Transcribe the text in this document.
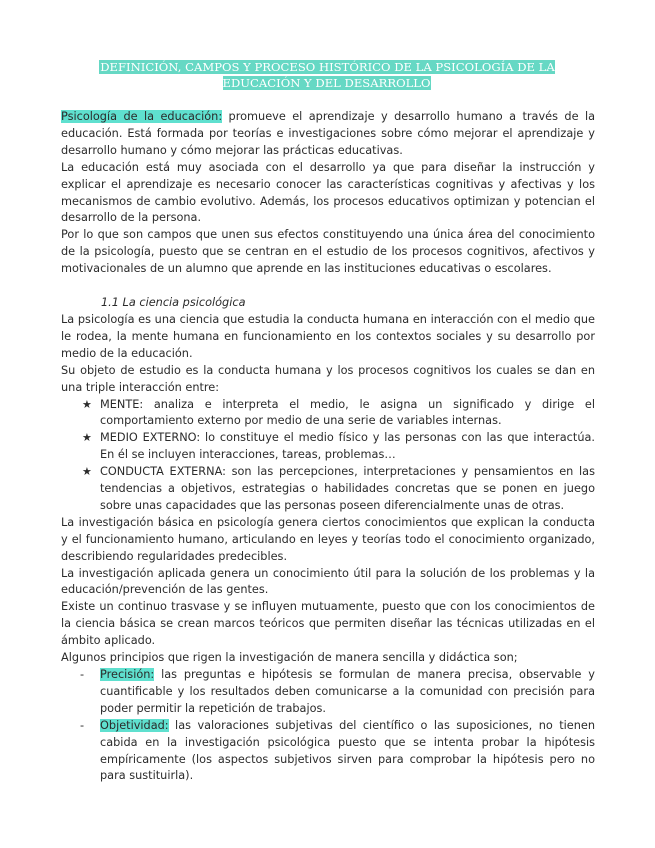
DEFINICIÓN, CAMPOS Y PROCESO HISTÓRICO DE LA PSICOLOGÍA DE LA EDUCACIÓN Y DEL DESARROLLO

Psicología de la educación: promueve el aprendizaje y desarrollo humano a través de la educación. Está formada por teorías e investigaciones sobre cómo mejorar el aprendizaje y desarrollo humano y cómo mejorar las prácticas educativas.

La educación está muy asociada con el desarrollo ya que para diseñar la instrucción y explicar el aprendizaje es necesario conocer las características cognitivas y afectivas y los mecanismos de cambio evolutivo. Además, los procesos educativos optimizan y potencian el desarrollo de la persona.

Por lo que son campos que unen sus efectos constituyendo una única área del conocimiento de la psicología, puesto que se centran en el estudio de los procesos cognitivos, afectivos y motivacionales de un alumno que aprende en las instituciones educativas o escolares.

1.1 La ciencia psicológica

La psicología es una ciencia que estudia la conducta humana en interacción con el medio que le rodea, la mente humana en funcionamiento en los contextos sociales y su desarrollo por medio de la educación.

Su objeto de estudio es la conducta humana y los procesos cognitivos los cuales se dan en una triple interacción entre:

★ MENTE: analiza e interpreta el medio, le asigna un significado y dirige el comportamiento externo por medio de una serie de variables internas.
★ MEDIO EXTERNO: lo constituye el medio físico y las personas con las que interactúa. En él se incluyen interacciones, tareas, problemas…
★ CONDUCTA EXTERNA: son las percepciones, interpretaciones y pensamientos en las tendencias a objetivos, estrategias o habilidades concretas que se ponen en juego sobre unas capacidades que las personas poseen diferencialmente unas de otras.

La investigación básica en psicología genera ciertos conocimientos que explican la conducta y el funcionamiento humano, articulando en leyes y teorías todo el conocimiento organizado, describiendo regularidades predecibles.

La investigación aplicada genera un conocimiento útil para la solución de los problemas y la educación/prevención de las gentes.

Existe un continuo trasvase y se influyen mutuamente, puesto que con los conocimientos de la ciencia básica se crean marcos teóricos que permiten diseñar las técnicas utilizadas en el ámbito aplicado.

Algunos principios que rigen la investigación de manera sencilla y didáctica son;

- Precisión: las preguntas e hipótesis se formulan de manera precisa, observable y cuantificable y los resultados deben comunicarse a la comunidad con precisión para poder permitir la repetición de trabajos.
- Objetividad: las valoraciones subjetivas del científico o las suposiciones, no tienen cabida en la investigación psicológica puesto que se intenta probar la hipótesis empíricamente (los aspectos subjetivos sirven para comprobar la hipótesis pero no para sustituirla).
